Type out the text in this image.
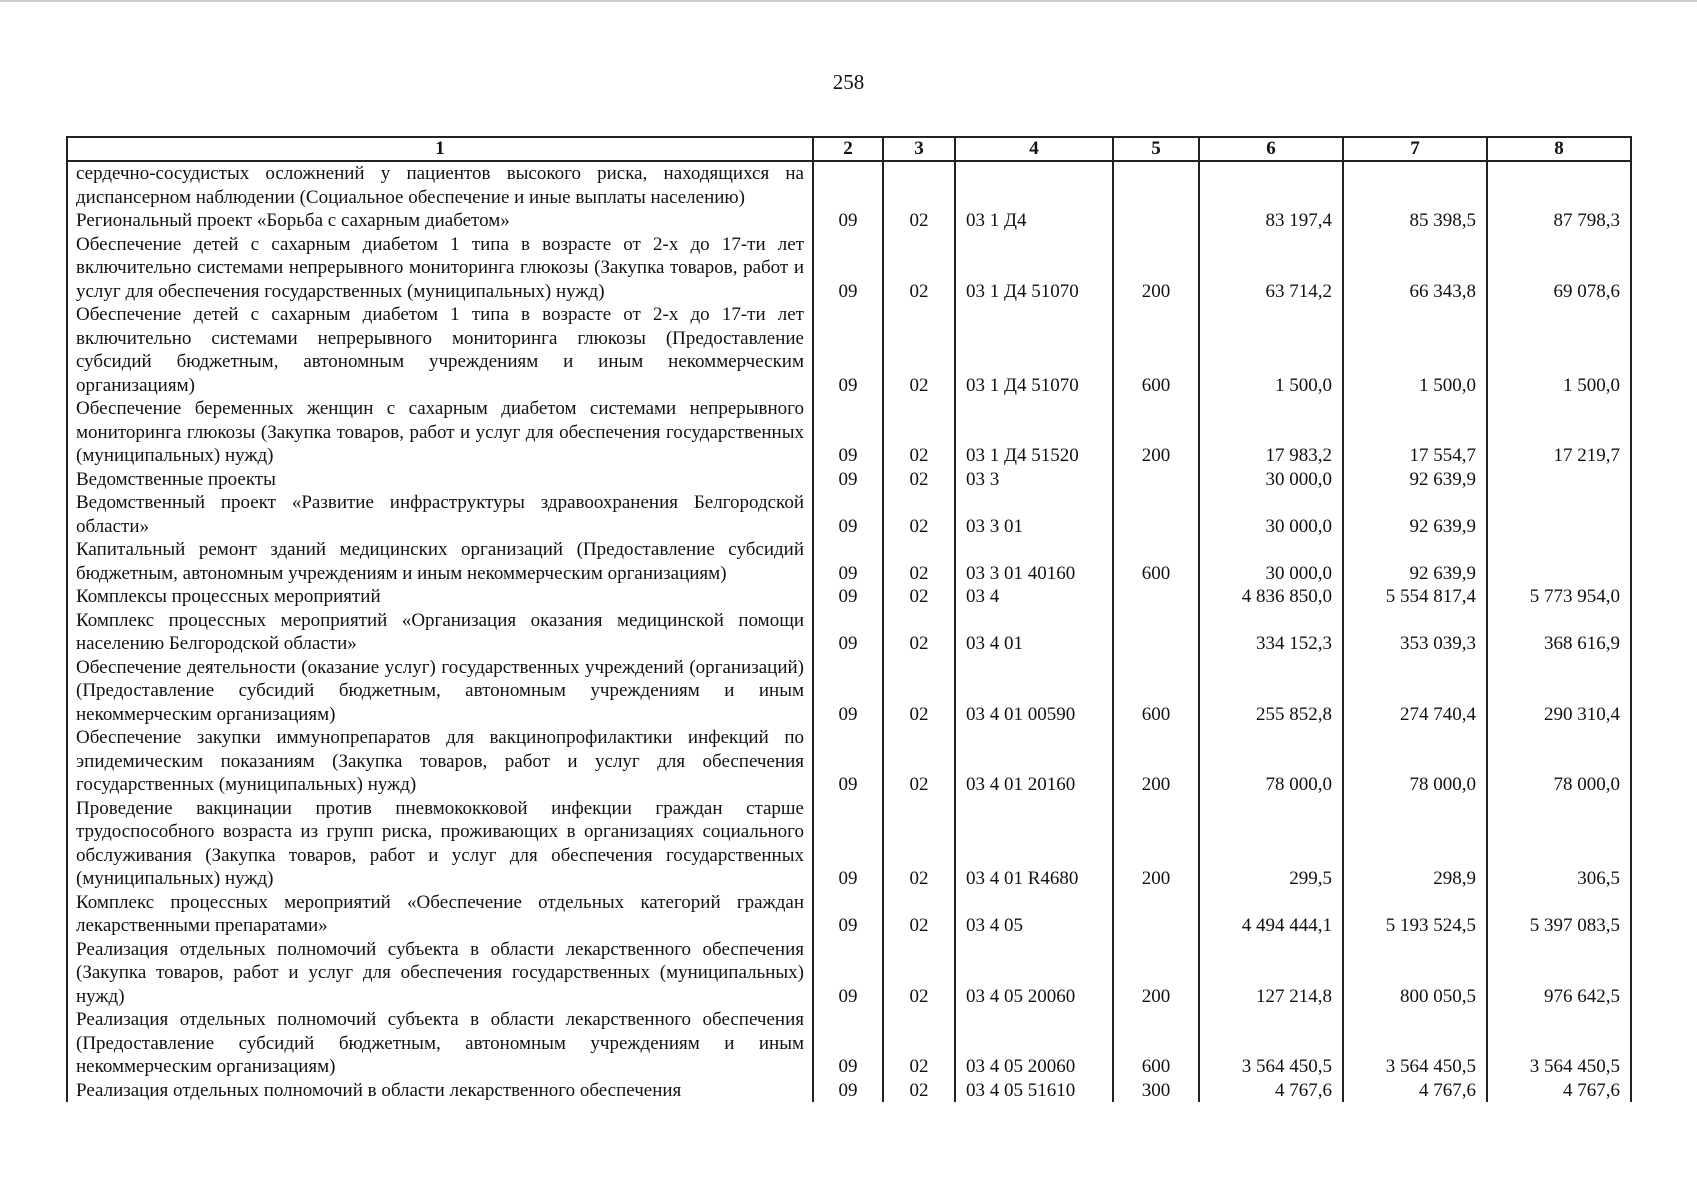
258
1	2	3	4	5	6	7	8
сердечно-сосудистых осложнений у пациентов высокого риска, находящихся на диспансерном наблюдении (Социальное обеспечение и иные выплаты населению)							
Региональный проект «Борьба с сахарным диабетом»	09	02	03 1 Д4		83 197,4	85 398,5	87 798,3
Обеспечение детей с сахарным диабетом 1 типа в возрасте от 2-х до 17-ти лет включительно системами непрерывного мониторинга глюкозы (Закупка товаров, работ и услуг для обеспечения государственных (муниципальных) нужд)	09	02	03 1 Д4 51070	200	63 714,2	66 343,8	69 078,6
Обеспечение детей с сахарным диабетом 1 типа в возрасте от 2-х до 17-ти лет включительно системами непрерывного мониторинга глюкозы (Предоставление субсидий бюджетным, автономным учреждениям и иным некоммерческим организациям)	09	02	03 1 Д4 51070	600	1 500,0	1 500,0	1 500,0
Обеспечение беременных женщин с сахарным диабетом системами непрерывного мониторинга глюкозы (Закупка товаров, работ и услуг для обеспечения государственных (муниципальных) нужд)	09	02	03 1 Д4 51520	200	17 983,2	17 554,7	17 219,7
Ведомственные проекты	09	02	03 3		30 000,0	92 639,9	
Ведомственный проект «Развитие инфраструктуры здравоохранения Белгородской области»	09	02	03 3 01		30 000,0	92 639,9	
Капитальный ремонт зданий медицинских организаций (Предоставление субсидий бюджетным, автономным учреждениям и иным некоммерческим организациям)	09	02	03 3 01 40160	600	30 000,0	92 639,9	
Комплексы процессных мероприятий	09	02	03 4		4 836 850,0	5 554 817,4	5 773 954,0
Комплекс процессных мероприятий «Организация оказания медицинской помощи населению Белгородской области»	09	02	03 4 01		334 152,3	353 039,3	368 616,9
Обеспечение деятельности (оказание услуг) государственных учреждений (организаций) (Предоставление субсидий бюджетным, автономным учреждениям и иным некоммерческим организациям)	09	02	03 4 01 00590	600	255 852,8	274 740,4	290 310,4
Обеспечение закупки иммунопрепаратов для вакцинопрофилактики инфекций по эпидемическим показаниям (Закупка товаров, работ и услуг для обеспечения государственных (муниципальных) нужд)	09	02	03 4 01 20160	200	78 000,0	78 000,0	78 000,0
Проведение вакцинации против пневмококковой инфекции граждан старше трудоспособного возраста из групп риска, проживающих в организациях социального обслуживания (Закупка товаров, работ и услуг для обеспечения государственных (муниципальных) нужд)	09	02	03 4 01 R4680	200	299,5	298,9	306,5
Комплекс процессных мероприятий «Обеспечение отдельных категорий граждан лекарственными препаратами»	09	02	03 4 05		4 494 444,1	5 193 524,5	5 397 083,5
Реализация отдельных полномочий субъекта в области лекарственного обеспечения (Закупка товаров, работ и услуг для обеспечения государственных (муниципальных) нужд)	09	02	03 4 05 20060	200	127 214,8	800 050,5	976 642,5
Реализация отдельных полномочий субъекта в области лекарственного обеспечения (Предоставление субсидий бюджетным, автономным учреждениям и иным некоммерческим организациям)	09	02	03 4 05 20060	600	3 564 450,5	3 564 450,5	3 564 450,5
Реализация отдельных полномочий в области лекарственного обеспечения	09	02	03 4 05 51610	300	4 767,6	4 767,6	4 767,6
